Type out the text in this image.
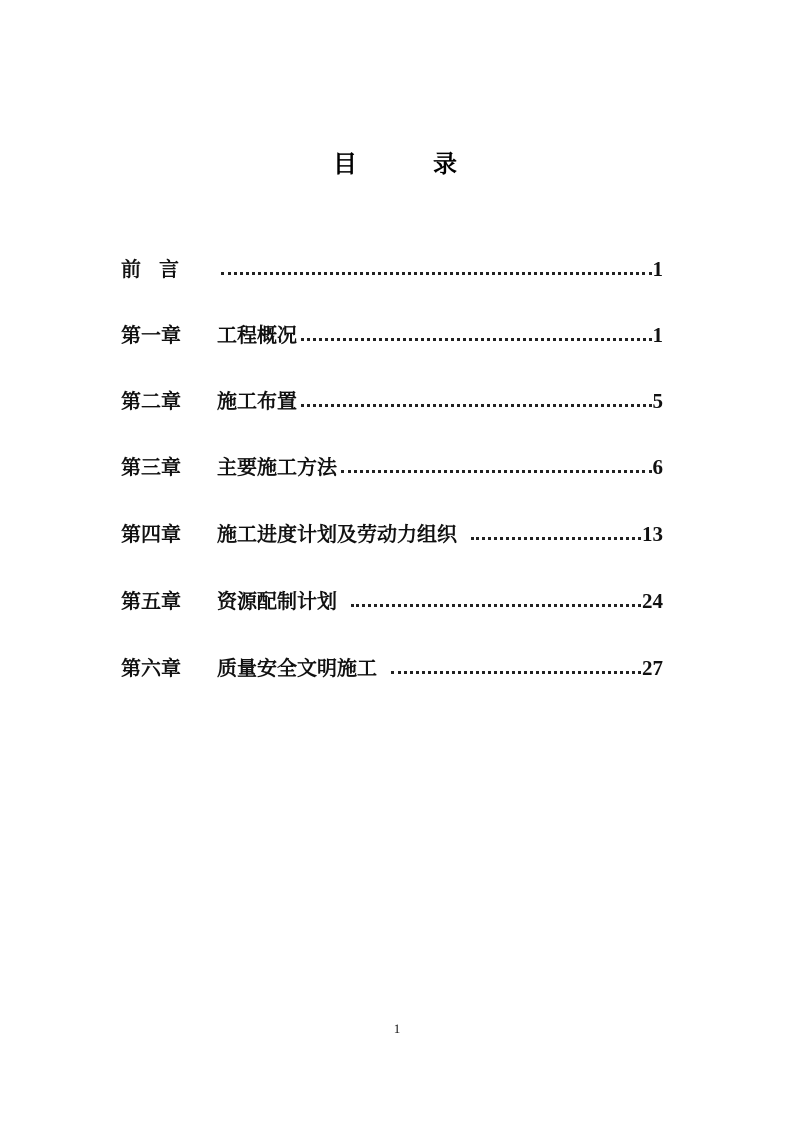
目	录
前言	1
第一章	工程概况	1
第二章	施工布置	5
第三章	主要施工方法	6
第四章	施工进度计划及劳动力组织	13
第五章	资源配制计划	24
第六章	质量安全文明施工	27
1
